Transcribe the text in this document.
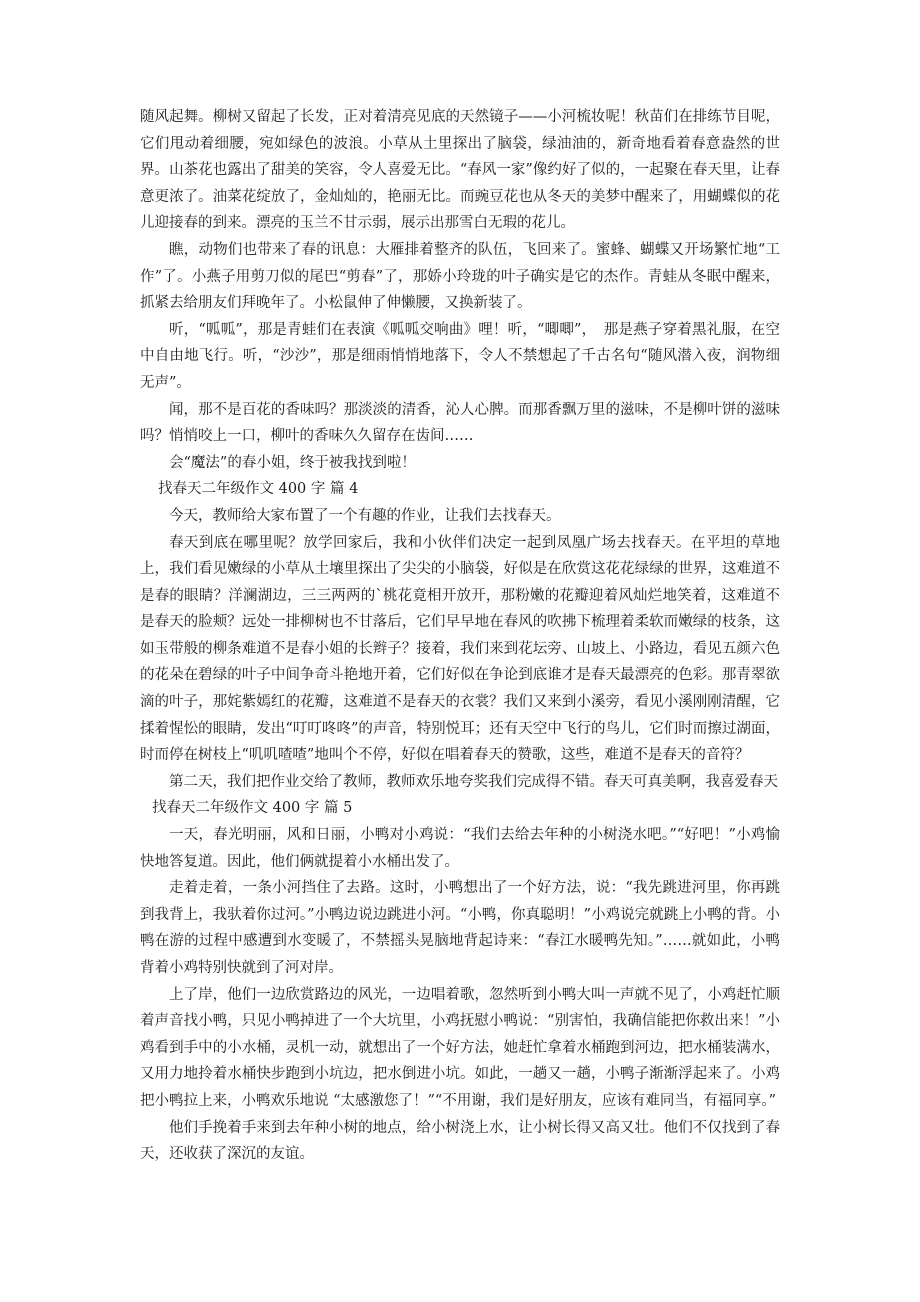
随风起舞。柳树又留起了长发，正对着清亮见底的天然镜子——小河梳妆呢！秋苗们在排练节目呢，它们甩动着细腰，宛如绿色的波浪。小草从土里探出了脑袋，绿油油的，新奇地看着春意盎然的世界。山茶花也露出了甜美的笑容，令人喜爱无比。“春风一家”像约好了似的，一起聚在春天里，让春意更浓了。油菜花绽放了，金灿灿的，艳丽无比。而豌豆花也从冬天的美梦中醒来了，用蝴蝶似的花儿迎接春的到来。漂亮的玉兰不甘示弱，展示出那雪白无瑕的花儿。

瞧，动物们也带来了春的讯息：大雁排着整齐的队伍，飞回来了。蜜蜂、蝴蝶又开场繁忙地“工作”了。小燕子用剪刀似的尾巴“剪春”了，那娇小玲珑的叶子确实是它的杰作。青蛙从冬眠中醒来，抓紧去给朋友们拜晚年了。小松鼠伸了伸懒腰，又换新装了。

听，“呱呱”，那是青蛙们在表演《呱呱交响曲》哩！听，“唧唧”，　那是燕子穿着黑礼服，在空中自由地飞行。听，“沙沙”，那是细雨悄悄地落下，令人不禁想起了千古名句“随风潜入夜，润物细无声”。

闻，那不是百花的香味吗？那淡淡的清香，沁人心脾。而那香飘万里的滋味，不是柳叶饼的滋味吗？悄悄咬上一口，柳叶的香味久久留存在齿间……

会“魔法”的春小姐，终于被我找到啦！

找春天二年级作文 400 字 篇 4

今天，教师给大家布置了一个有趣的作业，让我们去找春天。

春天到底在哪里呢？放学回家后，我和小伙伴们决定一起到凤凰广场去找春天。在平坦的草地上，我们看见嫩绿的小草从土壤里探出了尖尖的小脑袋，好似是在欣赏这花花绿绿的世界，这难道不是春的眼睛？洋澜湖边，三三两两的`桃花竟相开放开，那粉嫩的花瓣迎着风灿烂地笑着，这难道不是春天的脸颊？远处一排柳树也不甘落后，它们早早地在春风的吹拂下梳理着柔软而嫩绿的枝条，这如玉带般的柳条难道不是春小姐的长辫子？接着，我们来到花坛旁、山坡上、小路边，看见五颜六色的花朵在碧绿的叶子中间争奇斗艳地开着，它们好似在争论到底谁才是春天最漂亮的色彩。那青翠欲滴的叶子，那姹紫嫣红的花瓣，这难道不是春天的衣裳？我们又来到小溪旁，看见小溪刚刚清醒，它揉着惺忪的眼睛，发出“叮叮咚咚”的声音，特别悦耳；还有天空中飞行的鸟儿，它们时而擦过湖面，时而停在树枝上“叽叽喳喳”地叫个不停，好似在唱着春天的赞歌，这些，难道不是春天的音符？

第二天，我们把作业交给了教师，教师欢乐地夸奖我们完成得不错。春天可真美啊，我喜爱春天

找春天二年级作文 400 字 篇 5

一天，春光明丽，风和日丽，小鸭对小鸡说：“我们去给去年种的小树浇水吧。”“好吧！”小鸡愉快地答复道。因此，他们俩就提着小水桶出发了。

走着走着，一条小河挡住了去路。这时，小鸭想出了一个好方法，说：“我先跳进河里，你再跳到我背上，我驮着你过河。”小鸭边说边跳进小河。“小鸭，你真聪明！”小鸡说完就跳上小鸭的背。小鸭在游的过程中感遭到水变暖了，不禁摇头晃脑地背起诗来：“春江水暖鸭先知。”……就如此，小鸭背着小鸡特别快就到了河对岸。

上了岸，他们一边欣赏路边的风光，一边唱着歌，忽然听到小鸭大叫一声就不见了，小鸡赶忙顺着声音找小鸭，只见小鸭掉进了一个大坑里，小鸡抚慰小鸭说：“别害怕，我确信能把你救出来！”小鸡看到手中的小水桶，灵机一动，就想出了一个好方法，她赶忙拿着水桶跑到河边，把水桶装满水，又用力地拎着水桶快步跑到小坑边，把水倒进小坑。如此，一趟又一趟，小鸭子渐渐浮起来了。小鸡把小鸭拉上来，小鸭欢乐地说 “太感激您了！”“不用谢，我们是好朋友，应该有难同当，有福同享。”

他们手挽着手来到去年种小树的地点，给小树浇上水，让小树长得又高又壮。他们不仅找到了春天，还收获了深沉的友谊。
